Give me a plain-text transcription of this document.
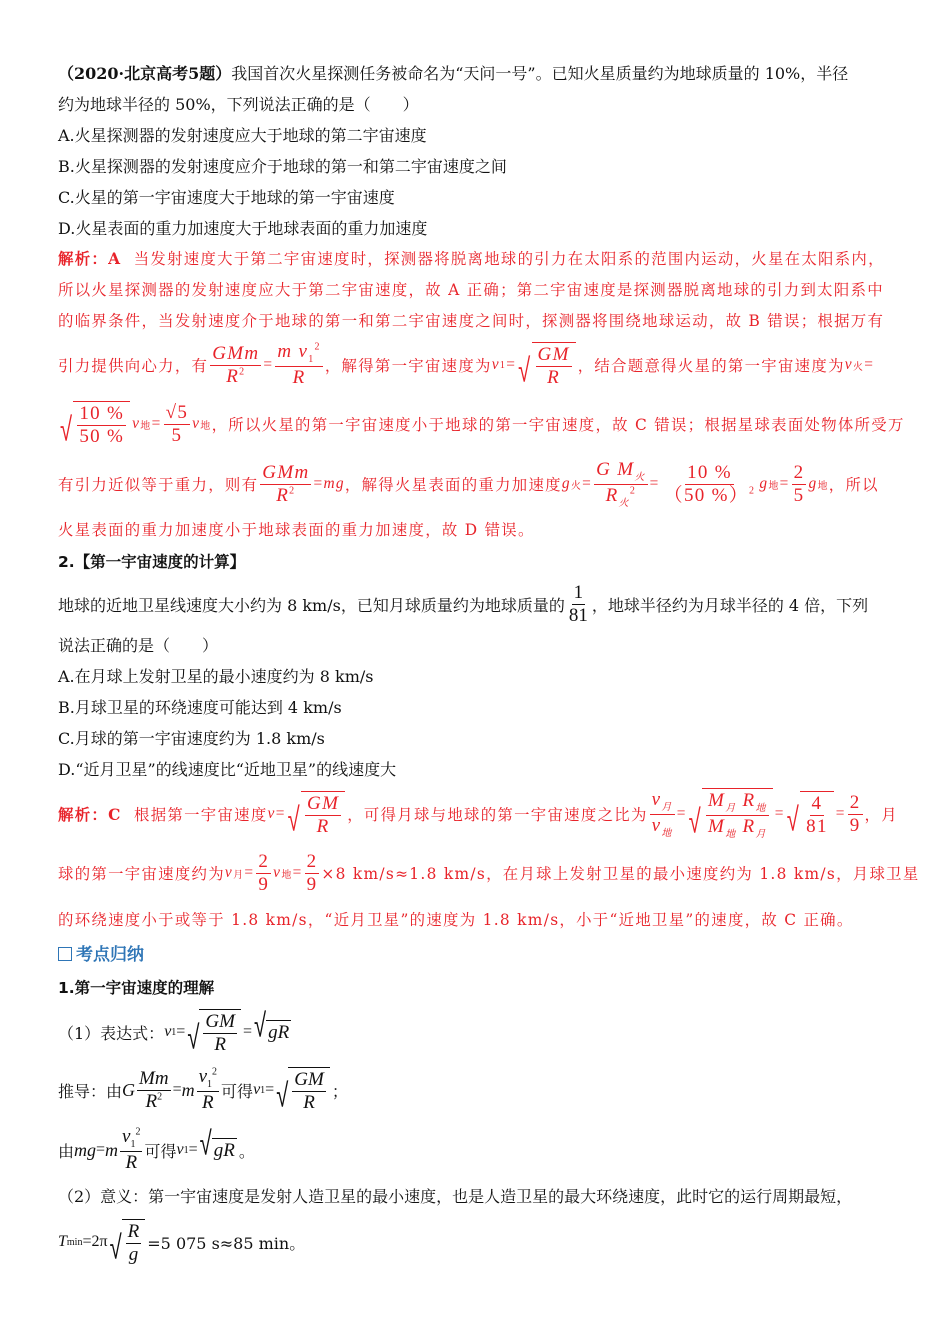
（2020·北京高考5题）我国首次火星探测任务被命名为“天问一号”。已知火星质量约为地球质量的 10%，半径
约为地球半径的 50%，下列说法正确的是（　　）
A.火星探测器的发射速度应大于地球的第二宇宙速度
B.火星探测器的发射速度应介于地球的第一和第二宇宙速度之间
C.火星的第一宇宙速度大于地球的第一宇宙速度
D.火星表面的重力加速度大于地球表面的重力加速度
解析：A 当发射速度大于第二宇宙速度时，探测器将脱离地球的引力在太阳系的范围内运动，火星在太阳系内，
所以火星探测器的发射速度应大于第二宇宙速度，故 A 正确；第二宇宙速度是探测器脱离地球的引力到太阳系中
的临界条件，当发射速度介于地球的第一和第二宇宙速度之间时，探测器将围绕地球运动，故 B 错误；根据万有
引力提供向心力，有 $\frac{\text{GMm}}{R^2} = \frac{m v_1^2}{R}$ ，解得第一宇宙速度为 v 1 = √ $\frac{GM}{R}$ ，结合题意得火星的第一宇宙速度为 v 火 =
√ $\frac{10 \%}{50 \%}$ v 地 = $\frac{√5}{5}$ v 地 ，所以火星的第一宇宙速度小于地球的第一宇宙速度，故 C 错误；根据星球表面处物体所受万
有引力近似等于重力，则有 $\frac{\text{GMm}}{R^2}$ = mg ，解得火星表面的重力加速度 g 火 = $\frac{G M_火}{R_火^2} = \frac{10 \%}{(50 \%)^2}$ g 地 = $\frac{2}{5}$ g 地 ，所以
火星表面的重力加速度小于地球表面的重力加速度，故 D 错误。
2.【第一宇宙速度的计算】
地球的近地卫星线速度大小约为 8 km/s，已知月球质量约为地球质量的 $\frac{1}{81}$ ，地球半径约为月球半径的 4 倍，下列
说法正确的是（　　）
A.在月球上发射卫星的最小速度约为 8 km/s
B.月球卫星的环绕速度可能达到 4 km/s
C.月球的第一宇宙速度约为 1.8 km/s
D.“近月卫星”的线速度比“近地卫星”的线速度大
解析：C
根据第一宇宙速度 v = √ $\frac{GM}{R}$ ，可得月球与地球的第一宇宙速度之比为 $\frac{v_月}{v_地}$ = √ $\frac{M_月 R_地}{M_地 R_月}$ = √ $\frac{4}{81} = \frac{2}{9}$ ，月
球的第一宇宙速度约为 v 月 = $\frac{2}{9}$ v 地 = $\frac{2}{9} \times 8$ km/s≈1.8 km/s，在月球上发射卫星的最小速度约为 1.8 km/s，月球卫星
的环绕速度小于或等于 1.8 km/s，“近月卫星”的速度为 1.8 km/s，小于“近地卫星”的速度，故 C 正确。
考点归纳
1.第一宇宙速度的理解
（1）表达式： v 1 = √ $\frac{GM}{R}$ = √ gR
推导：由 G $\frac{Mm}{R^2} = m \frac{v_1^2}{R}$ 可得 v 1 = √ $\frac{GM}{R}$ ；
由 mg = m $\frac{v_1^2}{R}$ 可得 v 1 = √ gR 。
（2）意义：第一宇宙速度是发射人造卫星的最小速度，也是人造卫星的最大环绕速度，此时它的运行周期最短，
T min =2π √ $\frac{R}{g} =5$ 075 s≈85 min。
